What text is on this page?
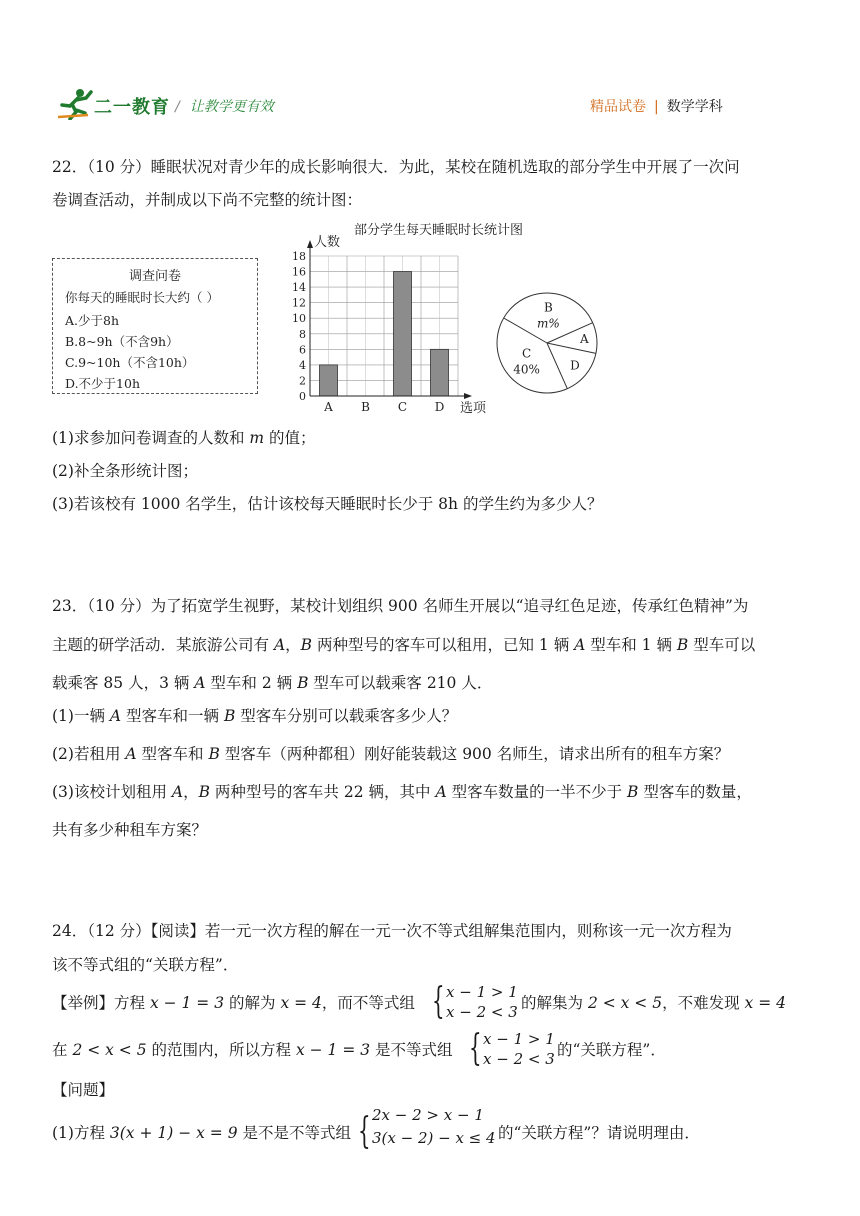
二一教育 / 让教学更有效	精品试卷 | 数学学科
22．（10 分）睡眠状况对青少年的成长影响很大．为此，某校在随机选取的部分学生中开展了一次问
卷调查活动，并制成以下尚不完整的统计图：
调查问卷
你每天的睡眠时长大约（ ）
A.少于8h
B.8~9h（不含9h）
C.9~10h（不含10h）
D.不少于10h
部分学生每天睡眠时长统计图
0
2
4
6
8
10
12
14
16
18
A B C D
人数
选项
B
m%
A
D
C
40%
(1)求参加问卷调查的人数和 m 的值；
(2)补全条形统计图；
(3)若该校有 1000 名学生，估计该校每天睡眠时长少于 8h 的学生约为多少人？
23．（10 分）为了拓宽学生视野，某校计划组织 900 名师生开展以“追寻红色足迹，传承红色精神”为
主题的研学活动．某旅游公司有 A，B 两种型号的客车可以租用，已知 1 辆 A 型车和 1 辆 B 型车可以
载乘客 85 人，3 辆 A 型车和 2 辆 B 型车可以载乘客 210 人．
(1)一辆 A 型客车和一辆 B 型客车分别可以载乘客多少人？
(2)若租用 A 型客车和 B 型客车（两种都租）刚好能装载这 900 名师生，请求出所有的租车方案？
(3)该校计划租用 A，B 两种型号的客车共 22 辆，其中 A 型客车数量的一半不少于 B 型客车的数量，
共有多少种租车方案？
24．（12 分）【阅读】若一元一次方程的解在一元一次不等式组解集范围内，则称该一元一次方程为
该不等式组的“关联方程”．
【举例】方程 x − 1 = 3 的解为 x = 4，而不等式组 { x − 1 > 1
x − 2 < 3 的解集为 2 < x < 5，不难发现 x = 4
在 2 < x < 5 的范围内，所以方程 x − 1 = 3 是不等式组 { x − 1 > 1
x − 2 < 3 的“关联方程”．
【问题】
(1)方程 3(x + 1) − x = 9 是不是不等式组 { 2x − 2 > x − 1
3(x − 2) − x ≤ 4 的“关联方程”？请说明理由．
